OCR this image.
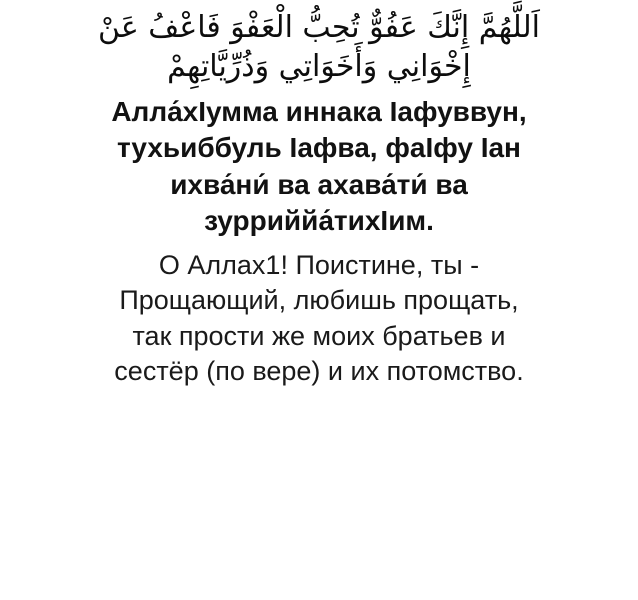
اَللَّهُمَّ إِنَّكَ عَفُوٌّ تُحِبُّ الْعَفْوَ فَاعْفُ عَنْ
إِخْوَانِي وَأَخَوَاتِي وَذُرِّيَّاتِهِمْ
Алла́хIумма иннака Iафуввун,
тухьиббуль Iафва, фаIфу Iан
ихва́ни́ ва ахава́ти́ ва
зурриййа́тихIим.
О Аллах1! Поистине, ты -
Прощающий, любишь прощать,
так прости же моих братьев и
сестёр (по вере) и их потомство.
